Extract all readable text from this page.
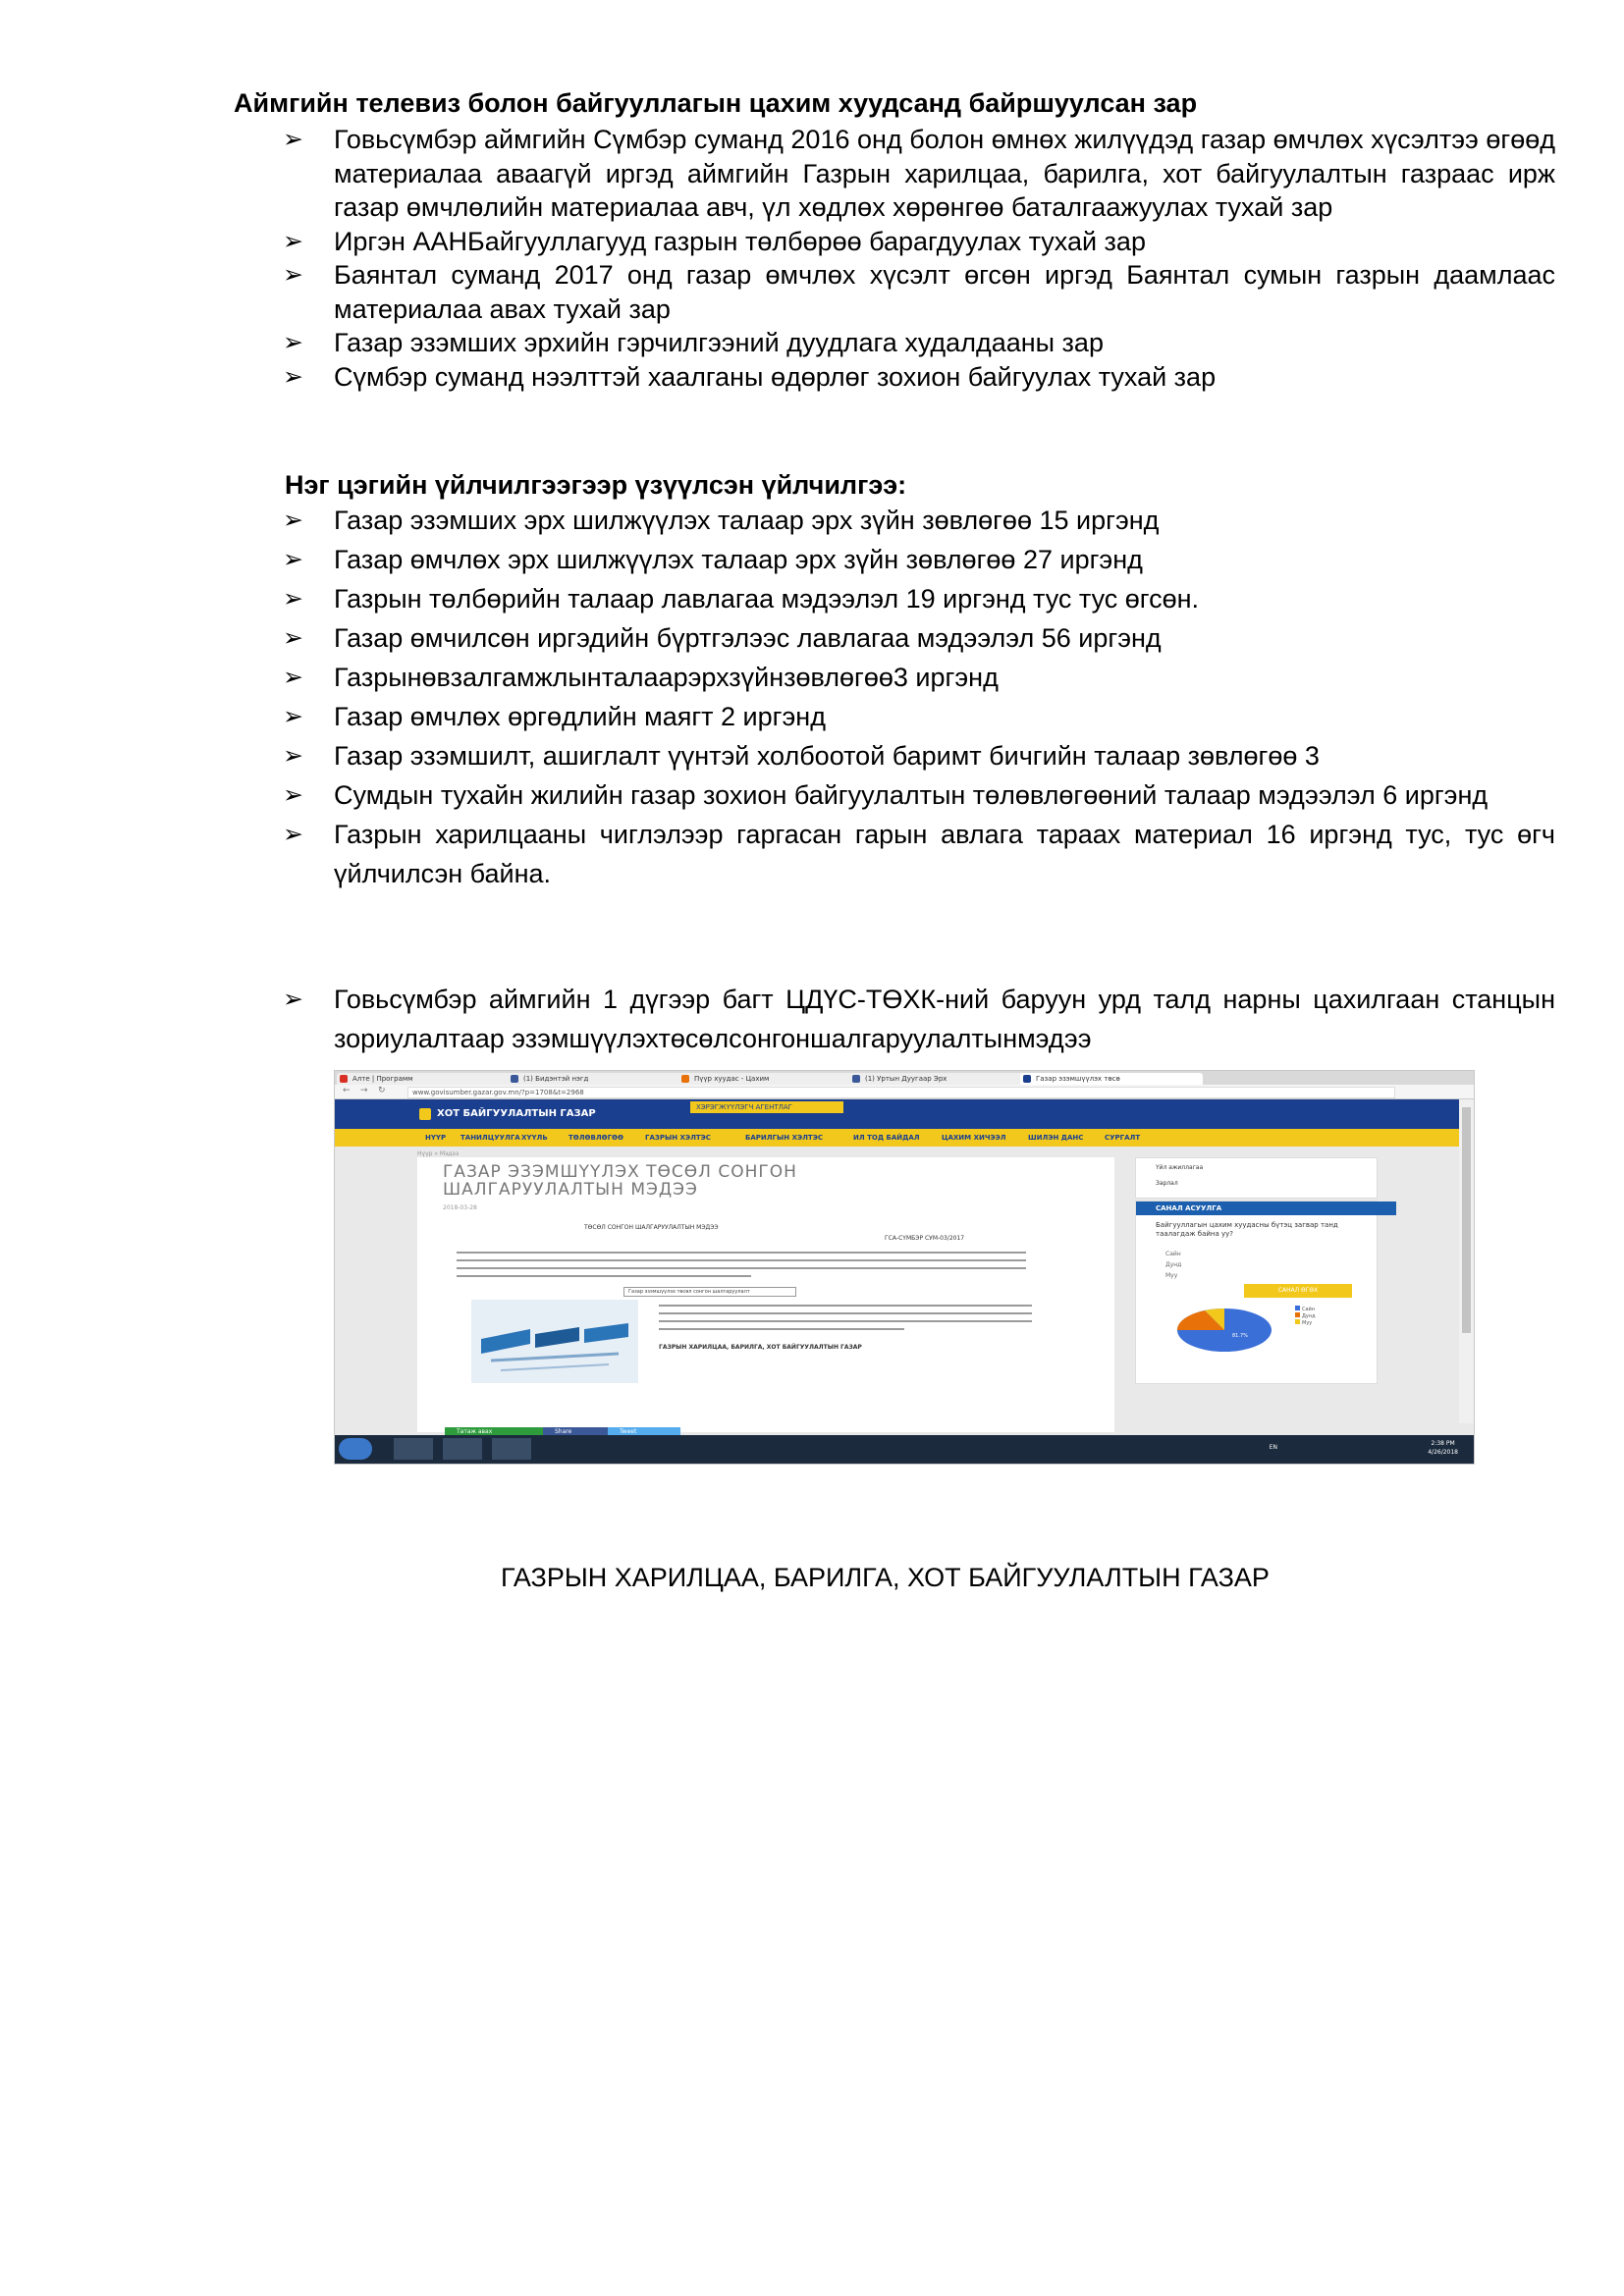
Аймгийн телевиз болон байгууллагын цахим хуудсанд байршуулсан зар
➢ Говьсүмбэр аймгийн Сүмбэр суманд 2016 онд болон өмнөх жилүүдэд газар өмчлөх хүсэлтээ өгөөд материалаа аваагүй иргэд аймгийн Газрын харилцаа, барилга, хот байгуулалтын газраас ирж газар өмчлөлийн материалаа авч, үл хөдлөх хөрөнгөө баталгаажуулах тухай зар
➢ Иргэн ААНБайгууллагууд газрын төлбөрөө барагдуулах тухай зар
➢ Баянтал суманд 2017 онд газар өмчлөх хүсэлт өгсөн иргэд Баянтал сумын газрын даамлаас материалаа авах тухай зар
➢ Газар эзэмших эрхийн гэрчилгээний дуудлага худалдааны зар
➢ Сүмбэр суманд нээлттэй хаалганы өдөрлөг зохион байгуулах тухай зар
Нэг цэгийн үйлчилгээгээр үзүүлсэн үйлчилгээ:
➢ Газар эзэмших эрх шилжүүлэх талаар эрх зүйн зөвлөгөө 15 иргэнд
➢ Газар өмчлөх эрх шилжүүлэх талаар эрх зүйн зөвлөгөө 27 иргэнд
➢ Газрын төлбөрийн талаар лавлагаа мэдээлэл 19 иргэнд тус тус өгсөн.
➢ Газар өмчилсөн иргэдийн бүртгэлээс лавлагаа мэдээлэл 56 иргэнд
➢ Газрынөвзалгамжлынталаарэрхзүйнзөвлөгөө3 иргэнд
➢ Газар өмчлөх өргөдлийн маягт 2 иргэнд
➢ Газар эзэмшилт, ашиглалт үүнтэй холбоотой баримт бичгийн талаар зөвлөгөө 3
➢ Сумдын тухайн жилийн газар зохион байгуулалтын төлөвлөгөөний талаар мэдээлэл 6 иргэнд
➢ Газрын харилцааны чиглэлээр гаргасан гарын авлага тараах материал 16 иргэнд тус, тус өгч үйлчилсэн байна.
➢ Говьсүмбэр аймгийн 1 дүгээр багт ЦДҮС-ТӨХК-ний баруун урд талд нарны цахилгаан станцын зориулалтаар эзэмшүүлэхтөсөлсонгоншалгаруулалтынмэдээ
Aлтe | Программ	(1) Бидэнтэй нэгд	Пүүр хуудас - Цахим	(1) Уртын Дуугаар Эрх	Газар эзэмшүүлэх төсө
← → ↻	www.govisumber.gazar.gov.mn/?p=1708&t=2968
ХОТ БАЙГУУЛАЛТЫН ГАЗАР
ХЭРЭГЖҮҮЛЭГЧ АГЕНТЛАГ
НҮҮР ТАНИЛЦУУЛГА ХҮҮЛЬ	ТӨЛӨВЛӨГӨӨ	ГАЗРЫН ХЭЛТЭС	БАРИЛГЫН ХЭЛТЭС	ИЛ ТОД БАЙДАЛ	ЦАХИМ ХИЧЭЭЛ	ШИЛЭН ДАНС	СУРГАЛТ
Нүүр » Мэдээ
ГАЗАР ЭЗЭМШҮҮЛЭХ ТӨСӨЛ СОНГОН ШАЛГАРУУЛАЛТЫН МЭДЭЭ
2018-03-28
ТӨСӨЛ СОНГОН ШАЛГАРУУЛАЛТЫН МЭДЭЭ
ГСА-СҮМБЭР СУМ-03/2017
Газар эзэмшүүлэх төсөл сонгон шалгаруулалт
ГАЗРЫН ХАРИЛЦАА, БАРИЛГА, ХОТ БАЙГУУЛАЛТЫН ГАЗАР
Татаж авах	Share	Tweet
Үйл ажиллагаа
Зарлал
САНАЛ АСУУЛГА
Байгууллагын цахим хуудасны бүтэц загвар танд таалагдаж байна уу?
Сайн
Дунд
Муу
САНАЛ ӨГӨХ
81.7%
Сайн
Дунд
Муу
EN
2:38 PM
4/26/2018
ГАЗРЫН ХАРИЛЦАА, БАРИЛГА, ХОТ БАЙГУУЛАЛТЫН ГАЗАР
